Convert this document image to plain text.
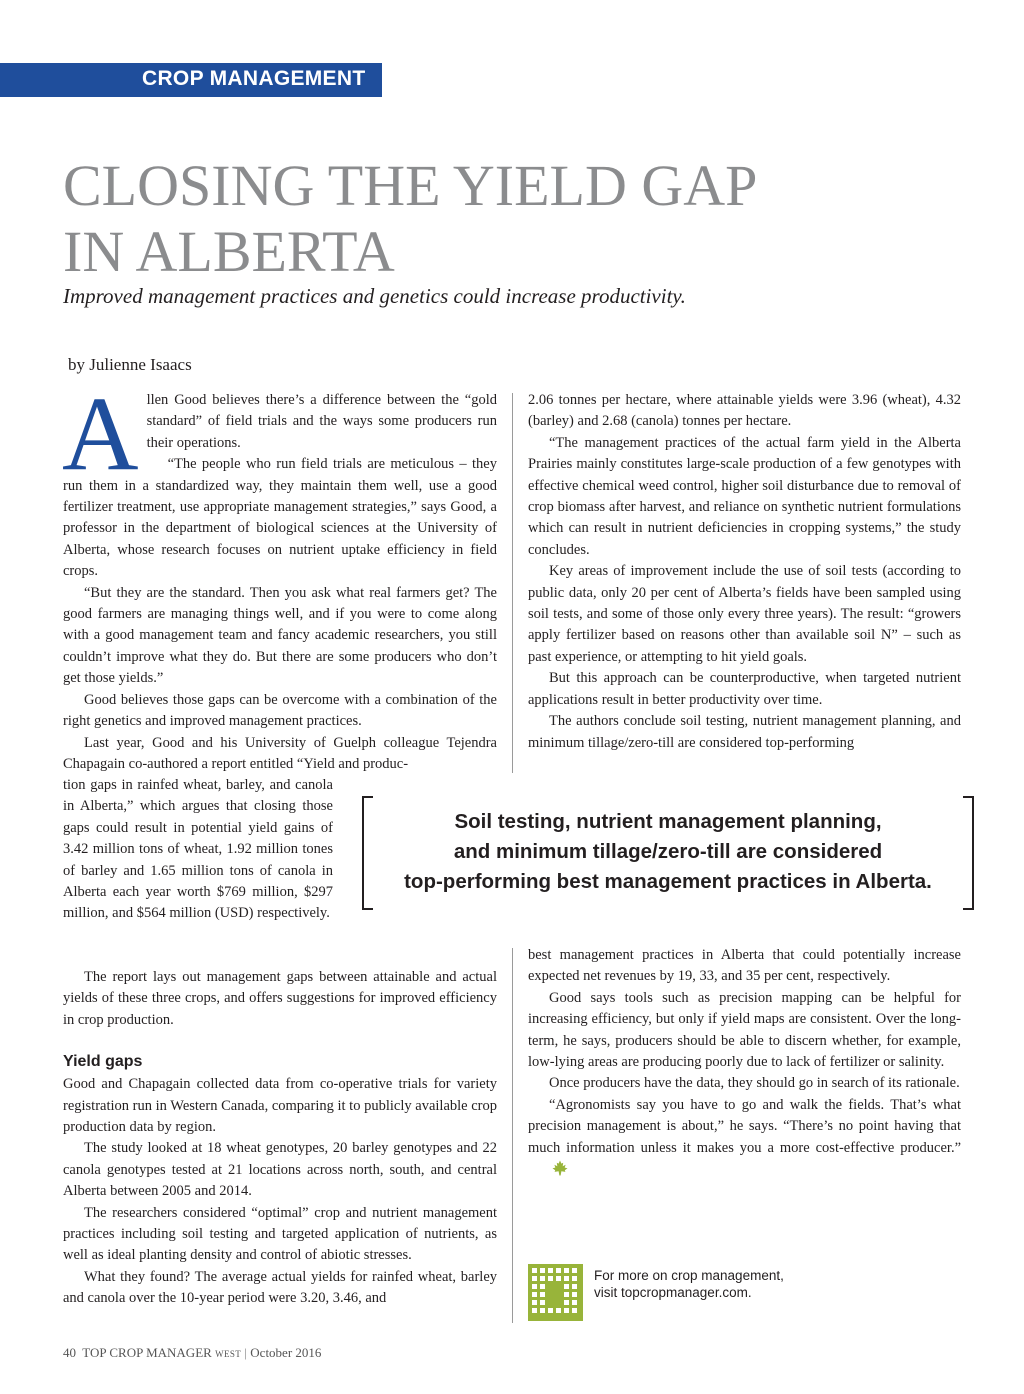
CROP MANAGEMENT
CLOSING THE YIELD GAP
IN ALBERTA
Improved management practices and genetics could increase productivity.
by Julienne Isaacs

Allen Good believes there’s a difference between the “gold standard” of field trials and the ways some producers run their operations.

“The people who run field trials are meticulous – they run them in a standardized way, they maintain them well, use a good fertilizer treatment, use appropriate management strategies,” says Good, a professor in the department of biological sciences at the University of Alberta, whose research focuses on nutrient uptake efficiency in field crops.

“But they are the standard. Then you ask what real farmers get? The good farmers are managing things well, and if you were to come along with a good management team and fancy academic researchers, you still couldn’t improve what they do. But there are some producers who don’t get those yields.”

Good believes those gaps can be overcome with a combination of the right genetics and improved management practices.

Last year, Good and his University of Guelph colleague Tejendra Chapagain co-authored a report entitled “Yield and produc-

tion gaps in rainfed wheat, barley, and canola in Alberta,” which argues that closing those gaps could result in potential yield gains of 3.42 million tons of wheat, 1.92 million tones of barley and 1.65 million tons of canola in Alberta each year worth $769 million, $297 million, and $564 million (USD) respectively.

The report lays out management gaps between attainable and actual yields of these three crops, and offers suggestions for improved efficiency in crop production.

Yield gaps

Good and Chapagain collected data from co-operative trials for variety registration run in Western Canada, comparing it to publicly available crop production data by region.

The study looked at 18 wheat genotypes, 20 barley genotypes and 22 canola genotypes tested at 21 locations across north, south, and central Alberta between 2005 and 2014.

The researchers considered “optimal” crop and nutrient management practices including soil testing and targeted application of nutrients, as well as ideal planting density and control of abiotic stresses.

What they found? The average actual yields for rainfed wheat, barley and canola over the 10-year period were 3.20, 3.46, and

2.06 tonnes per hectare, where attainable yields were 3.96 (wheat), 4.32 (barley) and 2.68 (canola) tonnes per hectare.

“The management practices of the actual farm yield in the Alberta Prairies mainly constitutes large-scale production of a few genotypes with effective chemical weed control, higher soil disturbance due to removal of crop biomass after harvest, and reliance on synthetic nutrient formulations which can result in nutrient deficiencies in cropping systems,” the study concludes.

Key areas of improvement include the use of soil tests (according to public data, only 20 per cent of Alberta’s fields have been sampled using soil tests, and some of those only every three years). The result: “growers apply fertilizer based on reasons other than available soil N” – such as past experience, or attempting to hit yield goals.

But this approach can be counterproductive, when targeted nutrient applications result in better productivity over time.

The authors conclude soil testing, nutrient management planning, and minimum tillage/zero-till are considered top-performing

Soil testing, nutrient management planning,
and minimum tillage/zero-till are considered
top-performing best management practices in Alberta.

best management practices in Alberta that could potentially increase expected net revenues by 19, 33, and 35 per cent, respectively.

Good says tools such as precision mapping can be helpful for increasing efficiency, but only if yield maps are consistent. Over the long-term, he says, producers should be able to discern whether, for example, low-lying areas are producing poorly due to lack of fertilizer or salinity.

Once producers have the data, they should go in search of its rationale.

“Agronomists say you have to go and walk the fields. That’s what precision management is about,” he says. “There’s no point having that much information unless it makes you a more cost-effective producer.”

For more on crop management,
visit topcropmanager.com.
40 TOP CROP MANAGER WEST | October 2016
